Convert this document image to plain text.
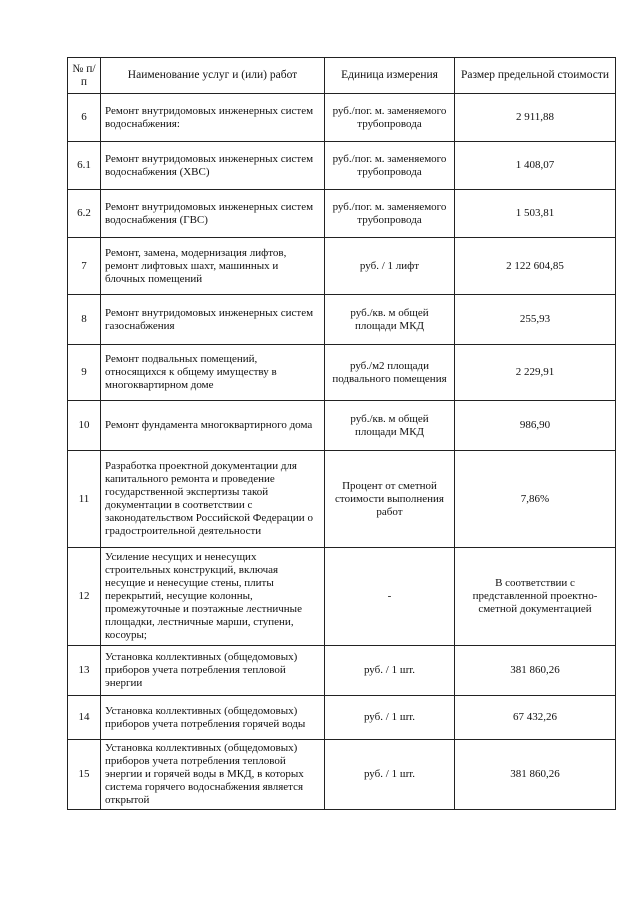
№ п/п	Наименование услуг и (или) работ	Единица измерения	Размер предельной стоимости
6	Ремонт внутридомовых инженерных систем водоснабжения:	руб./пог. м. заменяемого трубопровода	2 911,88
6.1	Ремонт внутридомовых инженерных систем водоснабжения (ХВС)	руб./пог. м. заменяемого трубопровода	1 408,07
6.2	Ремонт внутридомовых инженерных систем водоснабжения (ГВС)	руб./пог. м. заменяемого трубопровода	1 503,81
7	Ремонт, замена, модернизация лифтов, ремонт лифтовых шахт, машинных и блочных помещений	руб. / 1 лифт	2 122 604,85
8	Ремонт внутридомовых инженерных систем газоснабжения	руб./кв. м общей площади МКД	255,93
9	Ремонт подвальных помещений, относящихся к общему имуществу в многоквартирном доме	руб./м2 площади подвального помещения	2 229,91
10	Ремонт фундамента многоквартирного дома	руб./кв. м общей площади МКД	986,90
11	Разработка проектной документации для капитального ремонта и проведение государственной экспертизы такой документации в соответствии с законодательством Российской Федерации о градостроительной деятельности	Процент от сметной стоимости выполнения работ	7,86%
12	Усиление несущих и ненесущих строительных конструкций, включая несущие и ненесущие стены, плиты перекрытий, несущие колонны, промежуточные и поэтажные лестничные площадки, лестничные марши, ступени, косоуры;	-	В соответствии с представленной проектно-сметной документацией
13	Установка коллективных (общедомовых) приборов учета потребления тепловой энергии	руб. / 1 шт.	381 860,26
14	Установка коллективных (общедомовых) приборов учета потребления горячей воды	руб. / 1 шт.	67 432,26
15	Установка коллективных (общедомовых) приборов учета потребления тепловой энергии и горячей воды в МКД, в которых система горячего водоснабжения является открытой	руб. / 1 шт.	381 860,26
